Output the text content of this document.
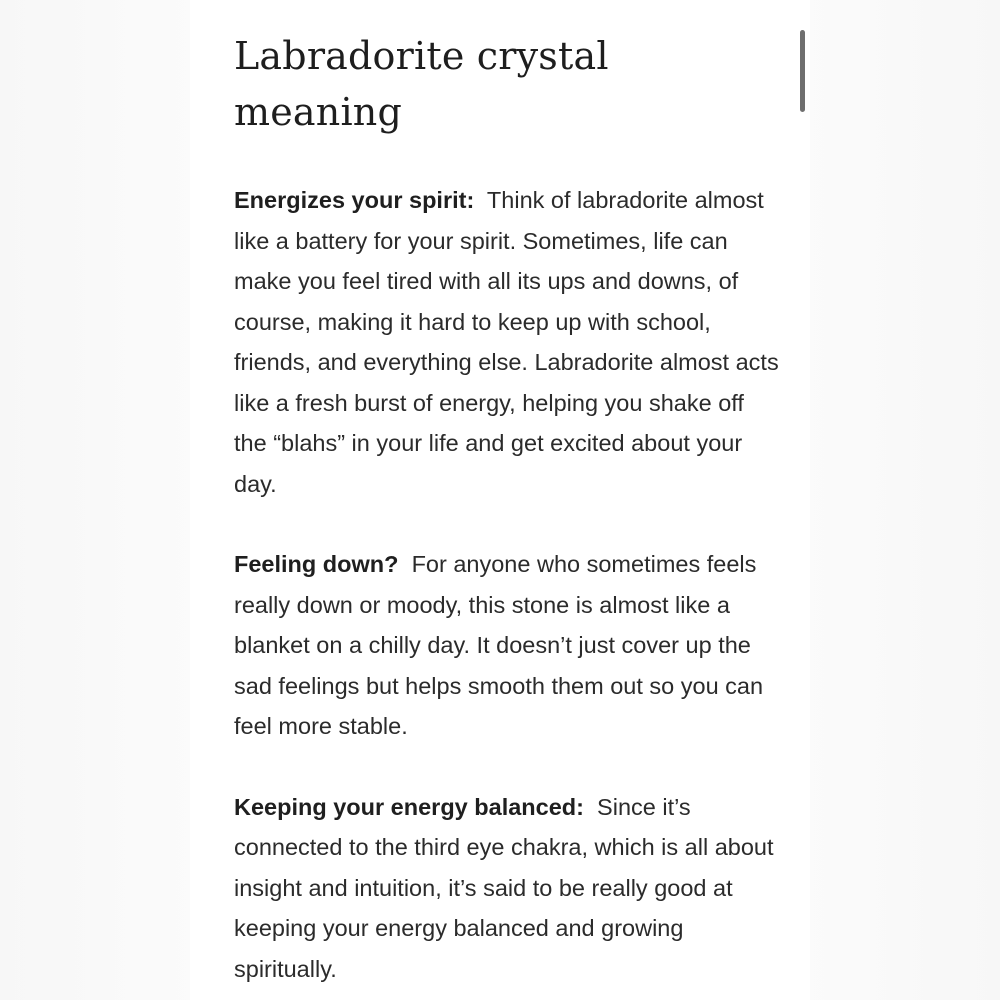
Labradorite crystal meaning

Energizes your spirit: Think of labradorite almost like a battery for your spirit. Sometimes, life can make you feel tired with all its ups and downs, of course, making it hard to keep up with school, friends, and everything else. Labradorite almost acts like a fresh burst of energy, helping you shake off the “blahs” in your life and get excited about your day.

Feeling down? For anyone who sometimes feels really down or moody, this stone is almost like a blanket on a chilly day. It doesn’t just cover up the sad feelings but helps smooth them out so you can feel more stable.

Keeping your energy balanced: Since it’s connected to the third eye chakra, which is all about insight and intuition, it’s said to be really good at keeping your energy balanced and growing spiritually.
